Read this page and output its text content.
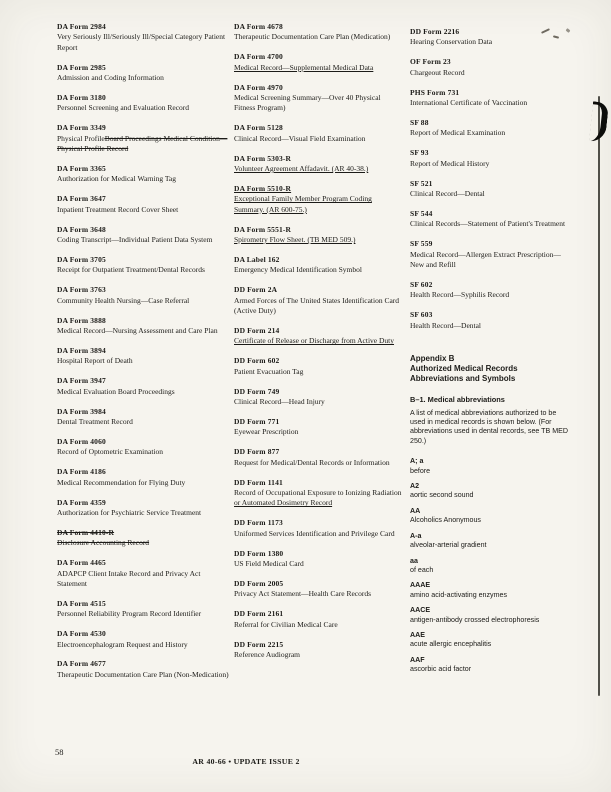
DA Form 2984
Very Seriously Ill/Seriously Ill/Special Category Patient Report
DA Form 2985
Admission and Coding Information
DA Form 3180
Personnel Screening and Evaluation Record
DA Form 3349
Physical ProfileBoard Proceedings Medical Condition—Physical Profile Record
DA Form 3365
Authorization for Medical Warning Tag
DA Form 3647
Inpatient Treatment Record Cover Sheet
DA Form 3648
Coding Transcript—Individual Patient Data System
DA Form 3705
Receipt for Outpatient Treatment/Dental Records
DA Form 3763
Community Health Nursing—Case Referral
DA Form 3888
Medical Record—Nursing Assessment and Care Plan
DA Form 3894
Hospital Report of Death
DA Form 3947
Medical Evaluation Board Proceedings
DA Form 3984
Dental Treatment Record
DA Form 4060
Record of Optometric Examination
DA Form 4186
Medical Recommendation for Flying Duty
DA Form 4359
Authorization for Psychiatric Service Treatment
DA Form 4410-R
Disclosure Accounting Record
DA Form 4465
ADAPCP Client Intake Record and Privacy Act Statement
DA Form 4515
Personnel Reliability Program Record Identifier
DA Form 4530
Electroencephalogram Request and History
DA Form 4677
Therapeutic Documentation Care Plan (Non-Medication)
DA Form 4678
Therapeutic Documentation Care Plan (Medication)
DA Form 4700
Medical Record—Supplemental Medical Data
DA Form 4970
Medical Screening Summary—Over 40 Physical Fitness Program)
DA Form 5128
Clinical Record—Visual Field Examination
DA Form 5303-R
Volunteer Agreement Affadavit. (AR 40-38.)
DA Form 5510-R
Exceptional Family Member Program Coding Summary. (AR 600-75.)
DA Form 5551-R
Spirometry Flow Sheet. (TB MED 509.)
DA Label 162
Emergency Medical Identification Symbol
DD Form 2A
Armed Forces of The United States Identification Card (Active Duty)
DD Form 214
Certificate of Release or Discharge from Active Duty
DD Form 602
Patient Evacuation Tag
DD Form 749
Clinical Record—Head Injury
DD Form 771
Eyewear Prescription
DD Form 877
Request for Medical/Dental Records or Information
DD Form 1141
Record of Occupational Exposure to Ionizing Radiation or Automated Dosimetry Record
DD Form 1173
Uniformed Services Identification and Privilege Card
DD Form 1380
US Field Medical Card
DD Form 2005
Privacy Act Statement—Health Care Records
DD Form 2161
Referral for Civilian Medical Care
DD Form 2215
Reference Audiogram
DD Form 2216
Hearing Conservation Data
OF Form 23
Chargeout Record
PHS Form 731
International Certificate of Vaccination
SF 88
Report of Medical Examination
SF 93
Report of Medical History
SF 521
Clinical Record—Dental
SF 544
Clinical Records—Statement of Patient's Treatment
SF 559
Medical Record—Allergen Extract Prescription—New and Refill
SF 602
Health Record—Syphilis Record
SF 603
Health Record—Dental
Appendix B
Authorized Medical Records Abbreviations and Symbols
B–1. Medical abbreviations
A list of medical abbreviations authorized to be used in medical records is shown below. (For abbreviations used in dental records, see TB MED 250.)
A; a
before
A2
aortic second sound
AA
Alcoholics Anonymous
A-a
alveolar-arterial gradient
aa
of each
AAAE
amino acid-activating enzymes
AACE
antigen-antibody crossed electrophoresis
AAE
acute allergic encephalitis
AAF
ascorbic acid factor
58
AR 40-66 • UPDATE ISSUE 2
